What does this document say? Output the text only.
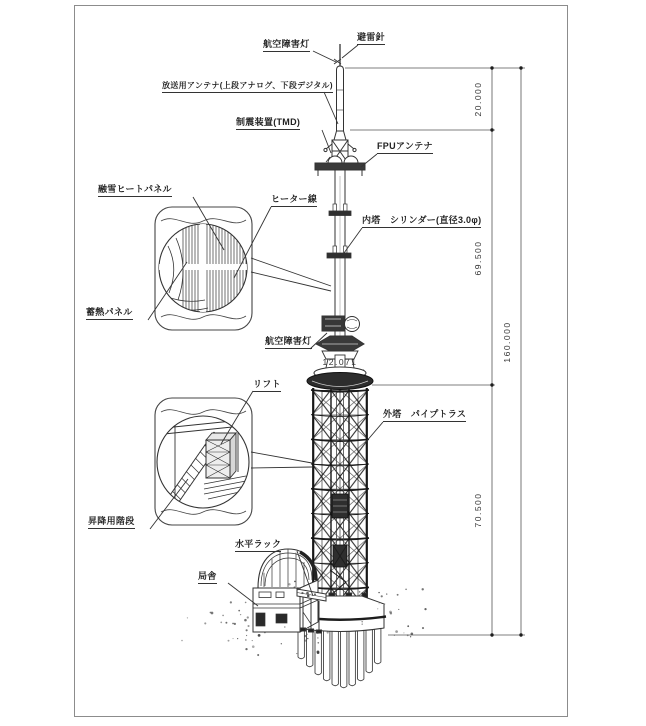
航空障害灯
避雷針
放送用アンテナ(上段アナログ、下段デジタル)
制震装置(TMD)
FPUアンテナ
融雪ヒートパネル
ヒーター線
内塔　シリンダー(直径3.0φ)
蓄熱パネル
航空障害灯
リフト
外塔　パイプトラス
昇降用階段
水平ラック
局舎
20.000
69.500
160.000
70.500
12.071
